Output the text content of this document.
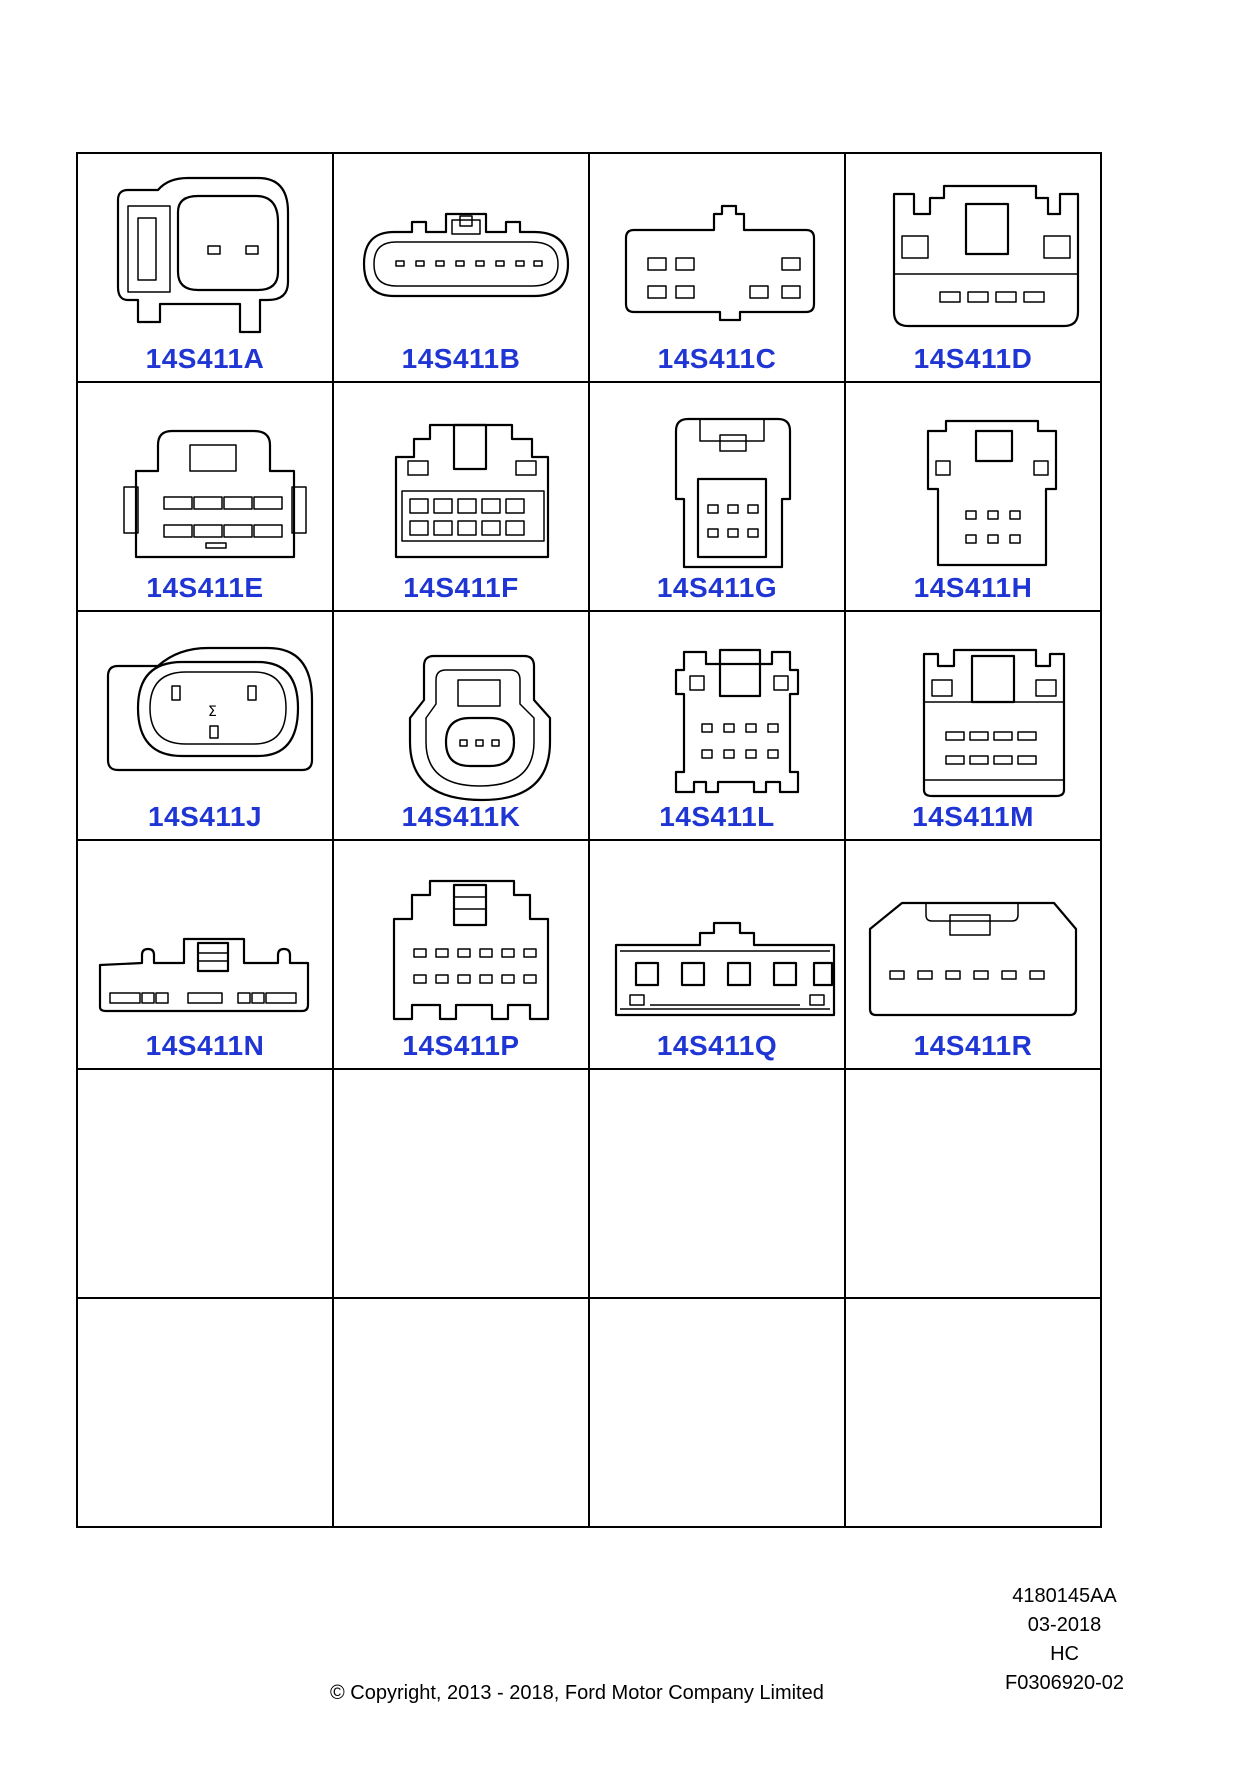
14S411A	14S411B	14S411C	14S411D
14S411E	14S411F	14S411G	14S411H
Σ
14S411J	14S411K	14S411L	14S411M
14S411N	14S411P	14S411Q	14S411R
4180145AA
03-2018
HC
F0306920-02
© Copyright, 2013 - 2018, Ford Motor Company Limited
